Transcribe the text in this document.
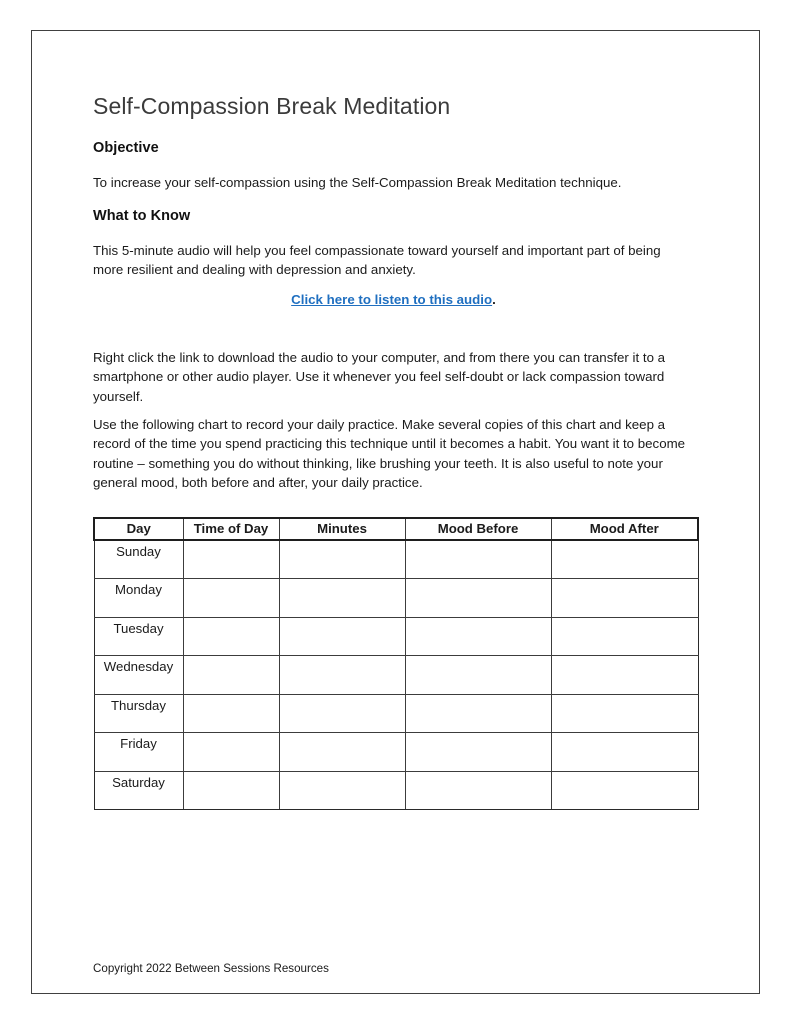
Self-Compassion Break Meditation
Objective
To increase your self-compassion using the Self-Compassion Break Meditation technique.
What to Know
This 5-minute audio will help you feel compassionate toward yourself and important part of being more resilient and dealing with depression and anxiety.
Click here to listen to this audio.
Right click the link to download the audio to your computer, and from there you can transfer it to a smartphone or other audio player. Use it whenever you feel self-doubt or lack compassion toward yourself.
Use the following chart to record your daily practice. Make several copies of this chart and keep a record of the time you spend practicing this technique until it becomes a habit. You want it to become routine – something you do without thinking, like brushing your teeth. It is also useful to note your general mood, both before and after, your daily practice.
Day	Time of Day	Minutes	Mood Before	Mood After
Sunday				
Monday				
Tuesday				
Wednesday				
Thursday				
Friday				
Saturday				
Copyright 2022 Between Sessions Resources
